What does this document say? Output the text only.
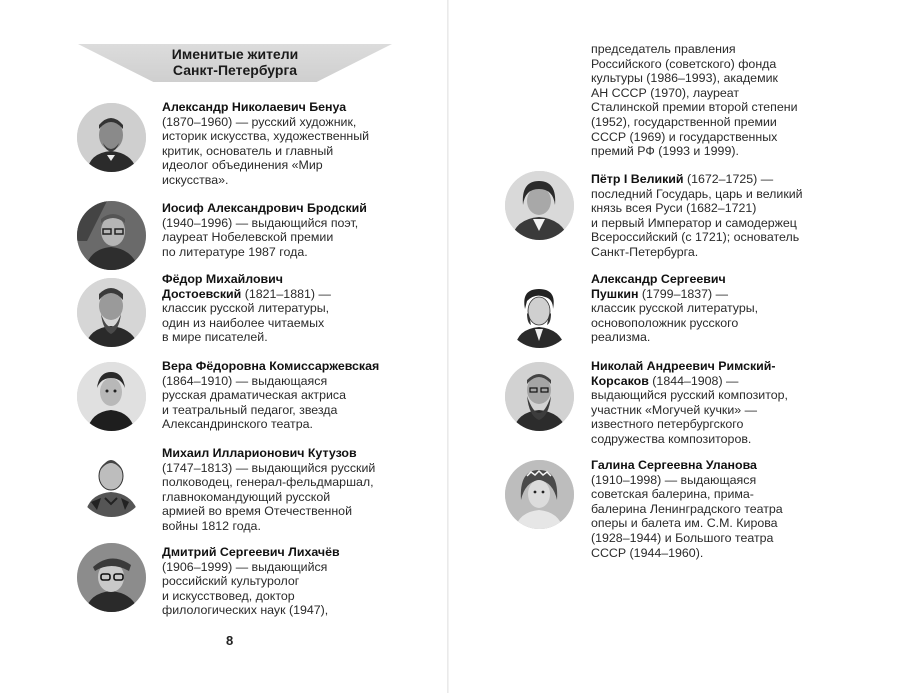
Именитые жители
Санкт-Петербурга
Александр Николаевич Бенуа
(1870–1960) — русский художник,
историк искусства, художественный
критик, основатель и главный
идеолог объединения «Мир
искусства».
Иосиф Александрович Бродский
(1940–1996) — выдающийся поэт,
лауреат Нобелевской премии
по литературе 1987 года.
Фёдор Михайлович
Достоевский (1821–1881) —
классик русской литературы,
один из наиболее читаемых
в мире писателей.
Вера Фёдоровна Комиссаржевская
(1864–1910) — выдающаяся
русская драматическая актриса
и театральный педагог, звезда
Александринского театра.
Михаил Илларионович Кутузов
(1747–1813) — выдающийся русский
полководец, генерал-фельдмаршал,
главнокомандующий русской
армией во время Отечественной
войны 1812 года.
Дмитрий Сергеевич Лихачёв
(1906–1999) — выдающийся
российский культуролог
и искусствовед, доктор
филологических наук (1947),
8
председатель правления
Российского (советского) фонда
культуры (1986–1993), академик
АН СССР (1970), лауреат
Сталинской премии второй степени
(1952), государственной премии
СССР (1969) и государственных
премий РФ (1993 и 1999).
Пётр I Великий (1672–1725) —
последний Государь, царь и великий
князь всея Руси (1682–1721)
и первый Император и самодержец
Всероссийский (с 1721); основатель
Санкт-Петербурга.
Александр Сергеевич
Пушкин (1799–1837) —
классик русской литературы,
основоположник русского
реализма.
Николай Андреевич Римский-
Корсаков (1844–1908) —
выдающийся русский композитор,
участник «Могучей кучки» —
известного петербургского
содружества композиторов.
Галина Сергеевна Уланова
(1910–1998) — выдающаяся
советская балерина, прима-
балерина Ленинградского театра
оперы и балета им. С.М. Кирова
(1928–1944) и Большого театра
СССР (1944–1960).
